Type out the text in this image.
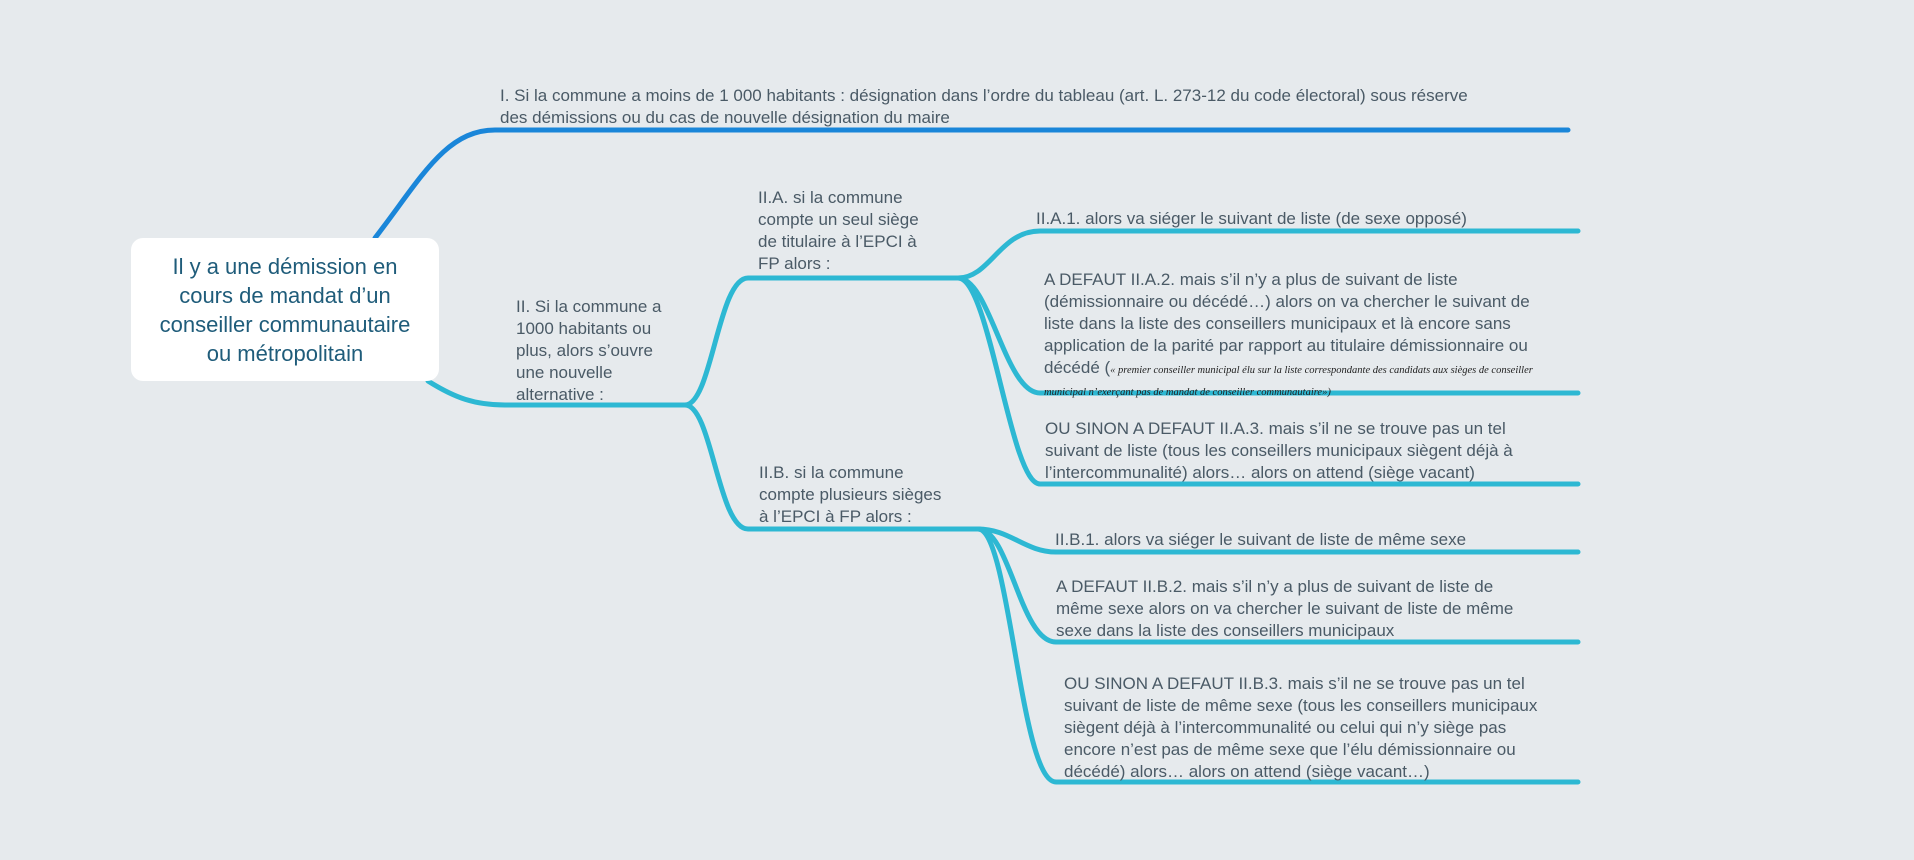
Il y a une démission en
cours de mandat d’un
conseiller communautaire
ou métropolitain
I. Si la commune a moins de 1 000 habitants : désignation dans l’ordre du tableau (art. L. 273-12 du code électoral) sous réserve
des démissions ou du cas de nouvelle désignation du maire
II. Si la commune a
1000 habitants ou
plus, alors s’ouvre
une nouvelle
alternative :
II.A. si la commune
compte un seul siège
de titulaire à l’EPCI à
FP alors :
II.A.1. alors va siéger le suivant de liste (de sexe opposé)
A DEFAUT II.A.2. mais s’il n’y a plus de suivant de liste
(démissionnaire ou décédé…) alors on va chercher le suivant de
liste dans la liste des conseillers municipaux et là encore sans
application de la parité par rapport au titulaire démissionnaire ou
décédé (« premier conseiller municipal élu sur la liste correspondante des candidats aux sièges de conseiller municipal n’exerçant pas de mandat de conseiller communautaire»)
OU SINON A DEFAUT II.A.3. mais s’il ne se trouve pas un tel
suivant de liste (tous les conseillers municipaux siègent déjà à
l’intercommunalité) alors… alors on attend (siège vacant)
II.B. si la commune
compte plusieurs sièges
à l’EPCI à FP alors :
II.B.1. alors va siéger le suivant de liste de même sexe
A DEFAUT II.B.2. mais s’il n’y a plus de suivant de liste de
même sexe alors on va chercher le suivant de liste de même
sexe dans la liste des conseillers municipaux
OU SINON A DEFAUT II.B.3. mais s’il ne se trouve pas un tel
suivant de liste de même sexe (tous les conseillers municipaux
siègent déjà à l’intercommunalité ou celui qui n’y siège pas
encore n’est pas de même sexe que l’élu démissionnaire ou
décédé) alors… alors on attend (siège vacant…)
